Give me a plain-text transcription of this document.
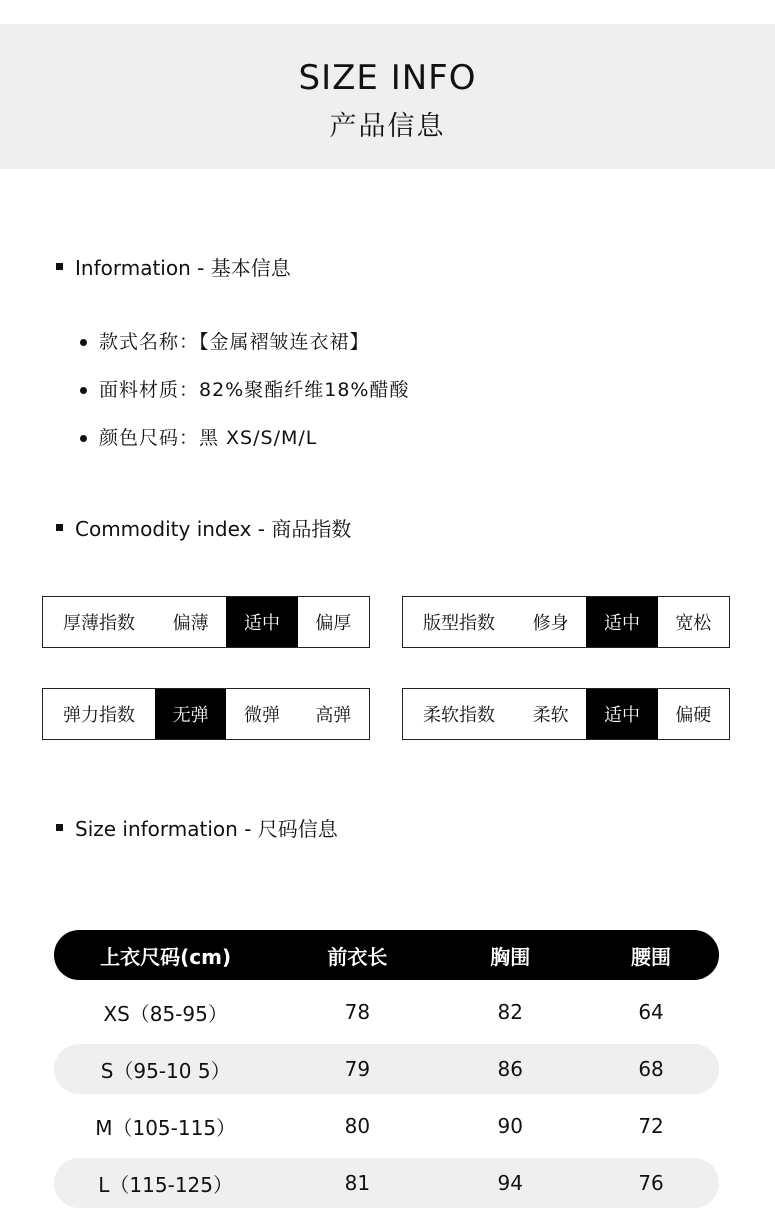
SIZE INFO
产品信息
Information - 基本信息
款式名称：【金属褶皱连衣裙】
面料材质：82%聚酯纤维18%醋酸
颜色尺码：黑 XS/S/M/L
Commodity index - 商品指数
厚薄指数	偏薄	适中	偏厚	版型指数	修身	适中	宽松
弹力指数	无弹	微弹	高弹	柔软指数	柔软	适中	偏硬
Size information - 尺码信息
上衣尺码(cm)	前衣长	胸围	腰围
XS（85-95）	78	82	64
S（95-10 5）	79	86	68
M（105-115）	80	90	72
L（115-125）	81	94	76
